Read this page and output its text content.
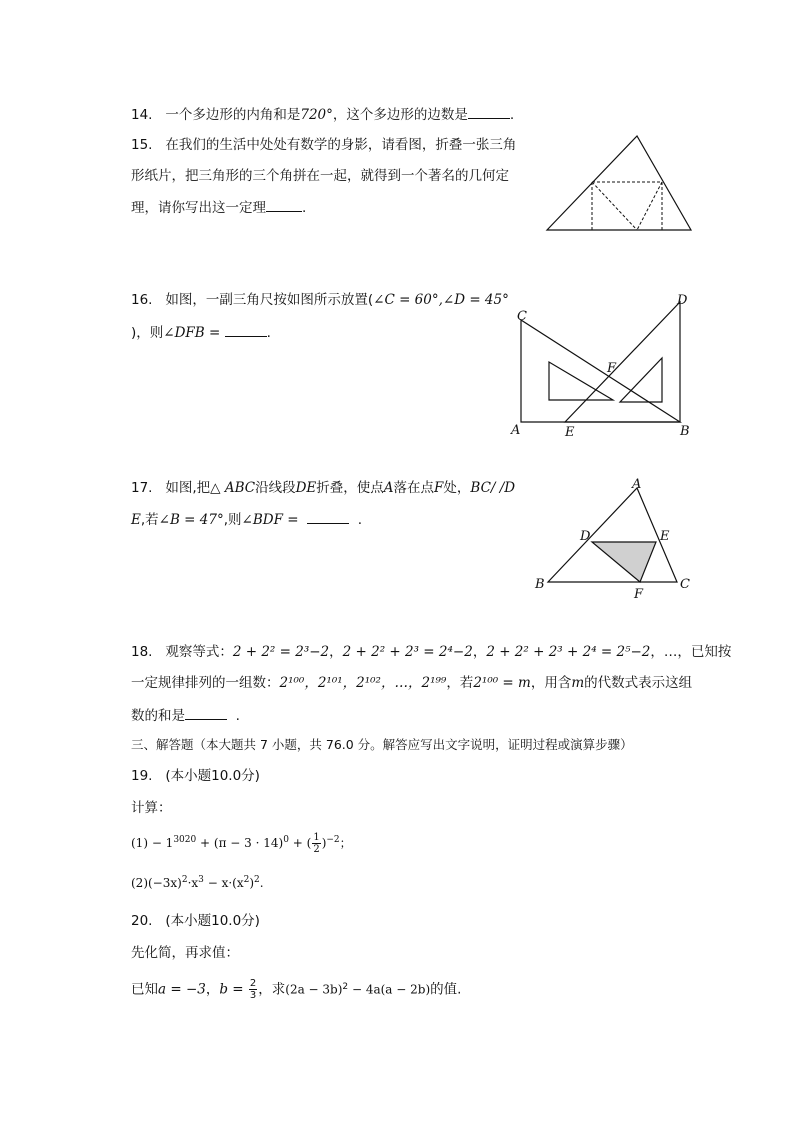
14. 一个多边形的内角和是720°，这个多边形的边数是	.
15. 在我们的生活中处处有数学的身影，请看图，折叠一张三角
形纸片，把三角形的三个角拼在一起，就得到一个著名的几何定
理，请你写出这一定理	.
16. 如图，一副三角尺按如图所示放置(∠C = 60°,∠D = 45°
)，则∠DFB =	.
C
D
F
A	E	B
17. 如图,把△ ABC沿线段DE折叠，使点A落在点F处，BC/ /D
E,若∠B = 47°,则∠BDF =	.
A
D	E
B
F
C
18. 观察等式：2 + 2² = 2³−2，2 + 2² + 2³ = 2⁴−2，2 + 2² + 2³ + 2⁴ = 2⁵−2，…，已知按
一定规律排列的一组数：2¹⁰⁰，2¹⁰¹，2¹⁰²，…，2¹⁹⁹，若2¹⁰⁰ = m，用含m的代数式表示这组
数的和是	.
三、解答题（本大题共 7 小题，共 76.0 分。解答应写出文字说明，证明过程或演算步骤）
19. (本小题10.0分)
计算：
$(1) - 1^{3020} + (\pi - 3 \cdot 14)^0$ + ( $\frac{1}{2} )^{-2}$；
$(2)(-3x)^2\cdot x^3 - x\cdot(x^2)^2$.
20. (本小题10.0分)
先化简，再求值：
已知a = −3，$b = \frac{2}{3}$ ，求$(2a - 3b)^2 - 4a(a - 2b)$的值.
